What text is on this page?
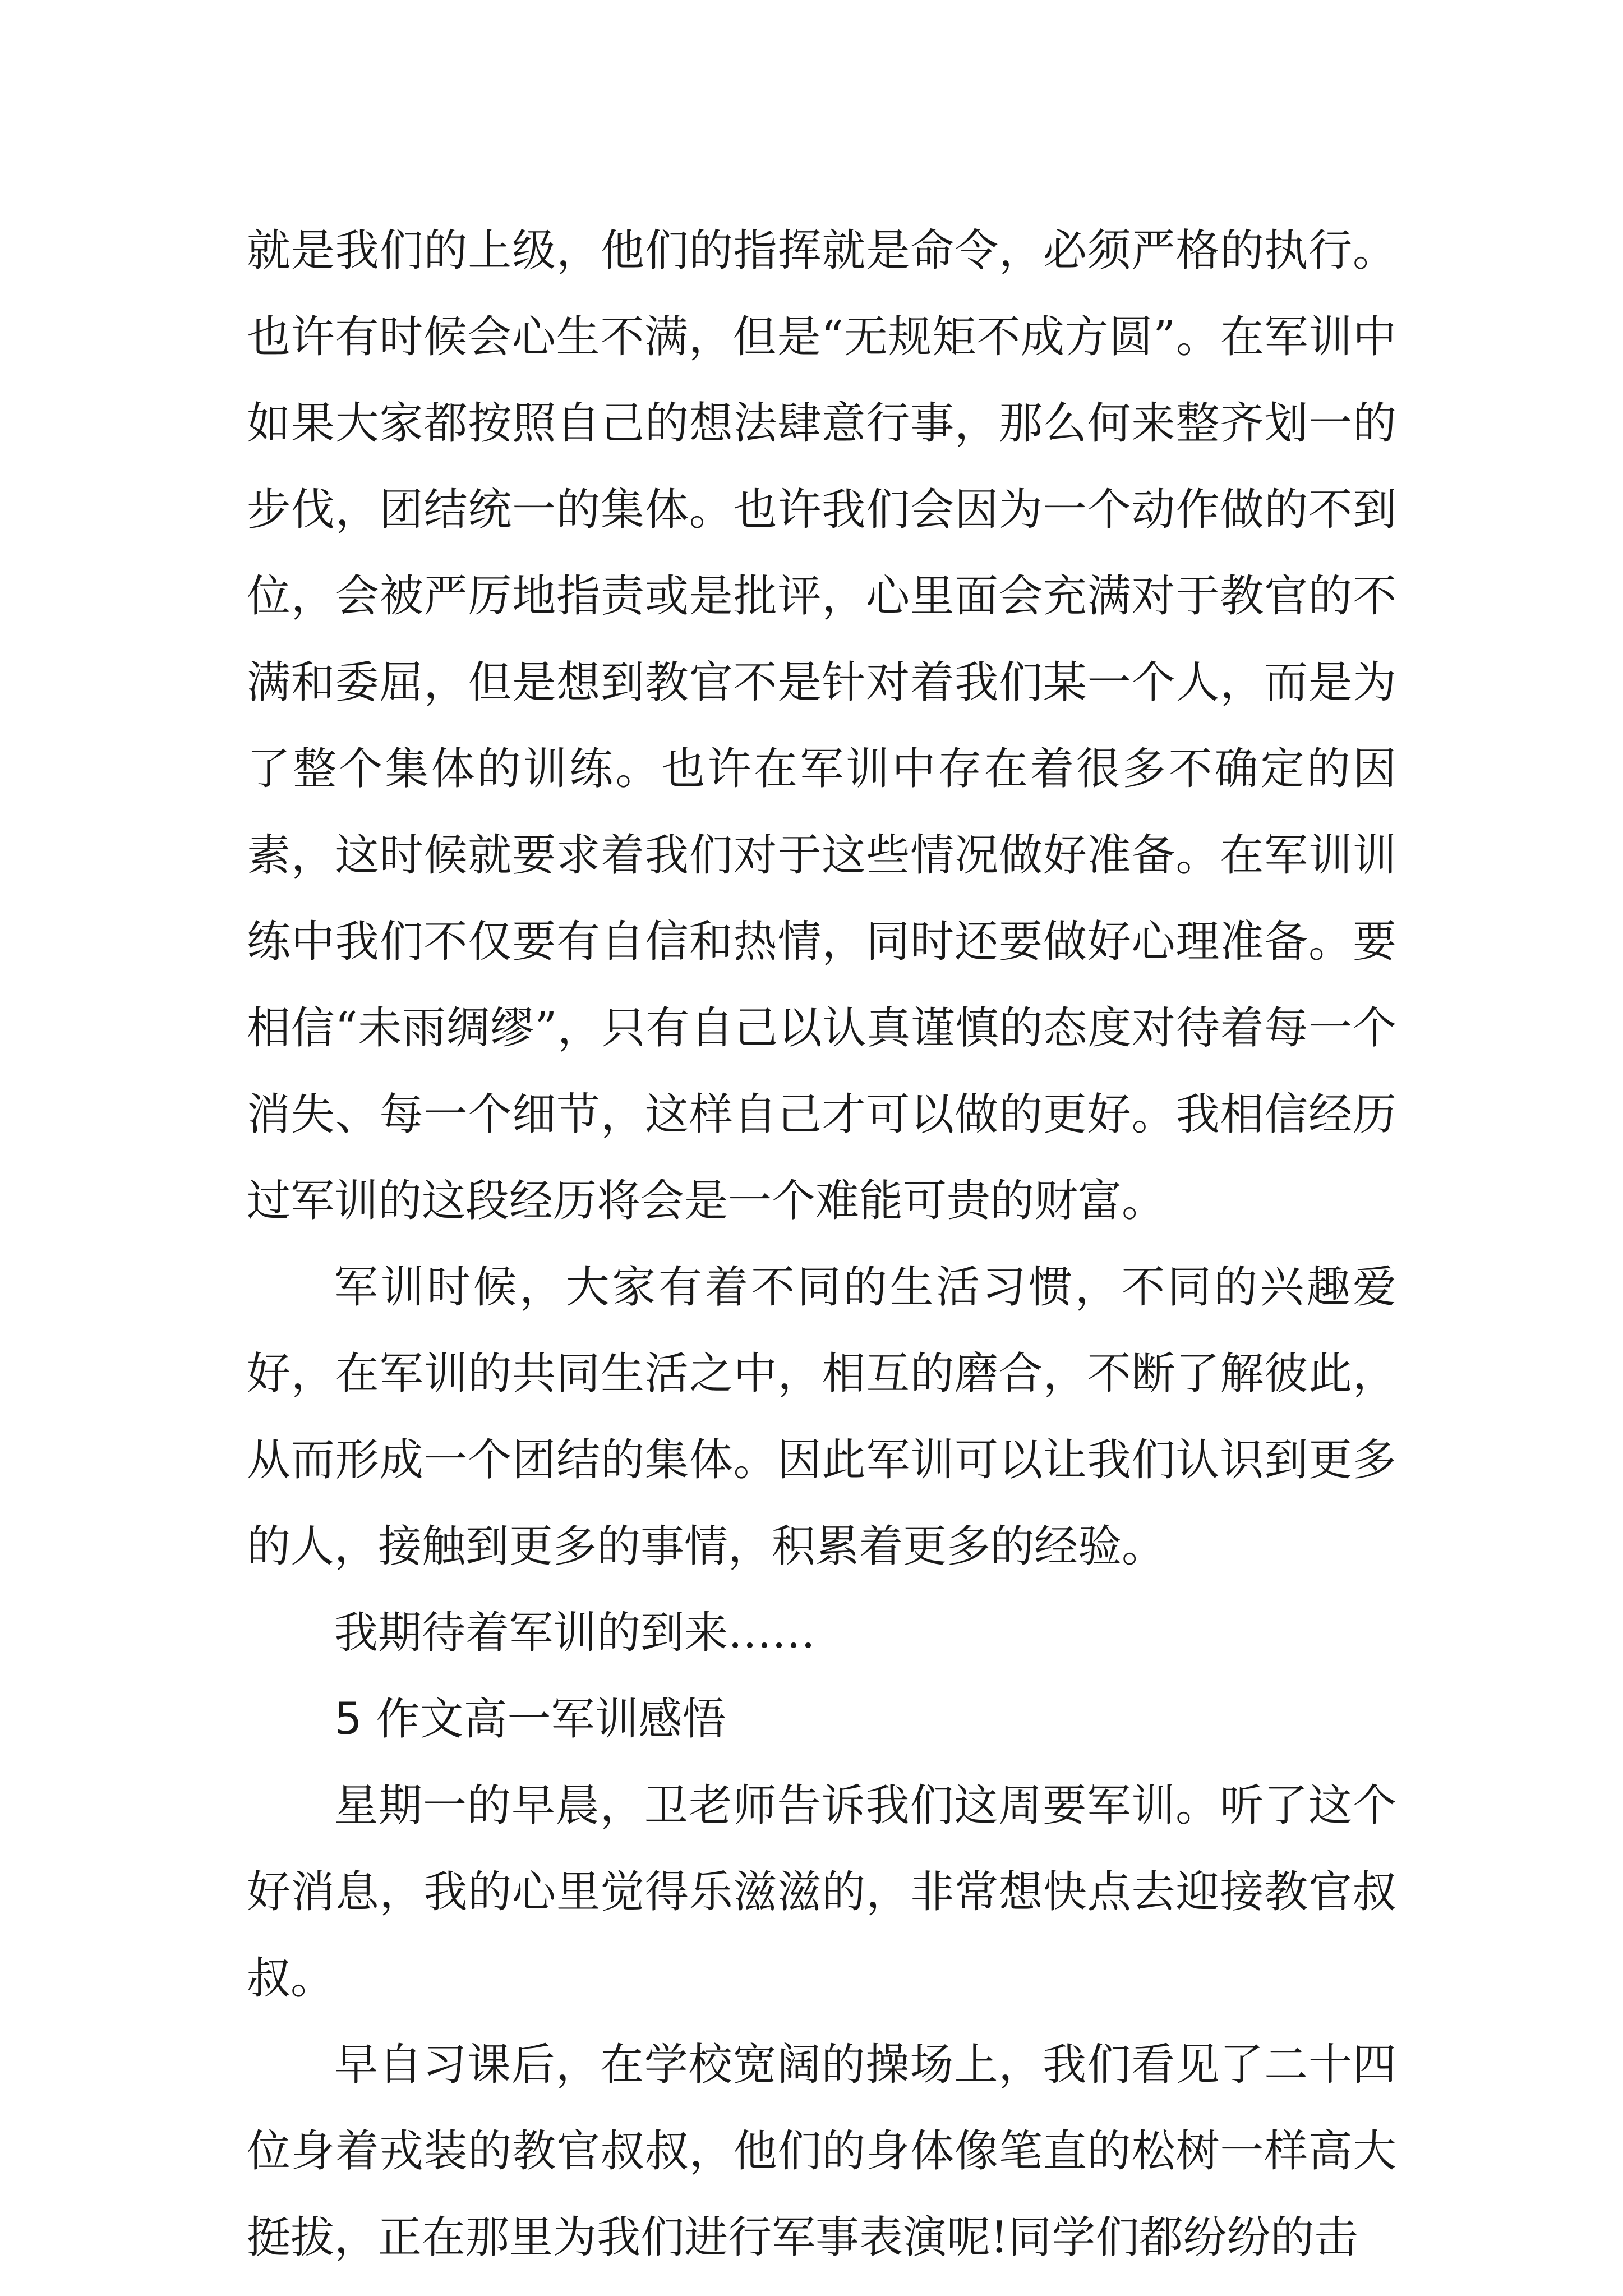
就是我们的上级，他们的指挥就是命令，必须严格的执行。也许有时候会心生不满，但是“无规矩不成方圆”。在军训中如果大家都按照自己的想法肆意行事，那么何来整齐划一的步伐，团结统一的集体。也许我们会因为一个动作做的不到位，会被严厉地指责或是批评，心里面会充满对于教官的不满和委屈，但是想到教官不是针对着我们某一个人，而是为了整个集体的训练。也许在军训中存在着很多不确定的因素，这时候就要求着我们对于这些情况做好准备。在军训训练中我们不仅要有自信和热情，同时还要做好心理准备。要相信“未雨绸缪”，只有自己以认真谨慎的态度对待着每一个消失、每一个细节，这样自己才可以做的更好。我相信经历过军训的这段经历将会是一个难能可贵的财富。

军训时候，大家有着不同的生活习惯，不同的兴趣爱好，在军训的共同生活之中，相互的磨合，不断了解彼此，从而形成一个团结的集体。因此军训可以让我们认识到更多的人，接触到更多的事情，积累着更多的经验。

我期待着军训的到来……

5 作文高一军训感悟

星期一的早晨，卫老师告诉我们这周要军训。听了这个好消息，我的心里觉得乐滋滋的，非常想快点去迎接教官叔叔。

早自习课后，在学校宽阔的操场上，我们看见了二十四位身着戎装的教官叔叔，他们的身体像笔直的松树一样高大挺拔，正在那里为我们进行军事表演呢!同学们都纷纷的击
